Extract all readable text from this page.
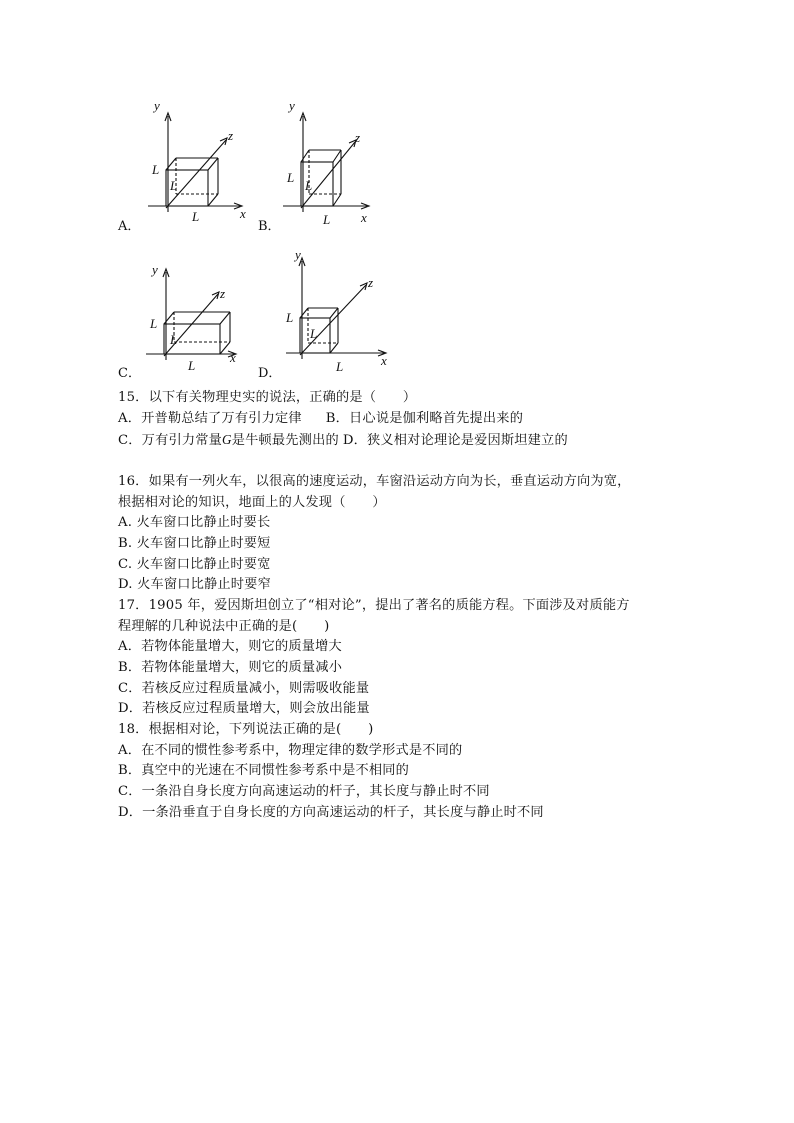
y
x
z
L
L
L
A．
y
x
z
L
L
L
B．
y
x
z
L
L
L
C．
y
x
z
L
L
L
D．
15．以下有关物理史实的说法，正确的是（　　）
A．开普勒总结了万有引力定律 B．日心说是伽利略首先提出来的
C．万有引力常量G是牛顿最先测出的 D．狭义相对论理论是爱因斯坦建立的
16．如果有一列火车，以很高的速度运动，车窗沿运动方向为长，垂直运动方向为宽，
根据相对论的知识，地面上的人发现（　　）
A. 火车窗口比静止时要长
B. 火车窗口比静止时要短
C. 火车窗口比静止时要宽
D. 火车窗口比静止时要窄
17．1905 年，爱因斯坦创立了“相对论”，提出了著名的质能方程。下面涉及对质能方
程理解的几种说法中正确的是(　　)
A．若物体能量增大，则它的质量增大
B．若物体能量增大，则它的质量减小
C．若核反应过程质量减小，则需吸收能量
D．若核反应过程质量增大，则会放出能量
18．根据相对论，下列说法正确的是(　　)
A．在不同的惯性参考系中，物理定律的数学形式是不同的
B．真空中的光速在不同惯性参考系中是不相同的
C．一条沿自身长度方向高速运动的杆子，其长度与静止时不同
D．一条沿垂直于自身长度的方向高速运动的杆子，其长度与静止时不同
